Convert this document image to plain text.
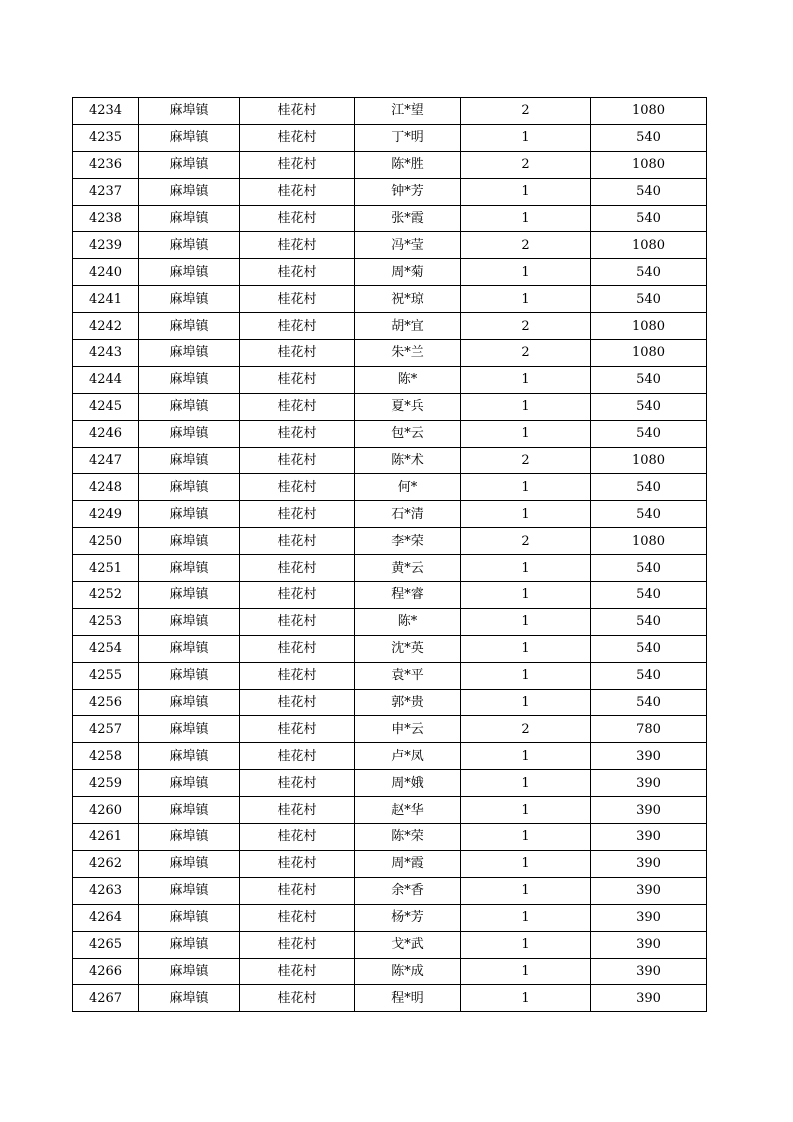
4234	麻埠镇	桂花村	江*望	2	1080
4235	麻埠镇	桂花村	丁*明	1	540
4236	麻埠镇	桂花村	陈*胜	2	1080
4237	麻埠镇	桂花村	钟*芳	1	540
4238	麻埠镇	桂花村	张*霞	1	540
4239	麻埠镇	桂花村	冯*莹	2	1080
4240	麻埠镇	桂花村	周*菊	1	540
4241	麻埠镇	桂花村	祝*琼	1	540
4242	麻埠镇	桂花村	胡*宜	2	1080
4243	麻埠镇	桂花村	朱*兰	2	1080
4244	麻埠镇	桂花村	陈*	1	540
4245	麻埠镇	桂花村	夏*兵	1	540
4246	麻埠镇	桂花村	包*云	1	540
4247	麻埠镇	桂花村	陈*术	2	1080
4248	麻埠镇	桂花村	何*	1	540
4249	麻埠镇	桂花村	石*清	1	540
4250	麻埠镇	桂花村	李*荣	2	1080
4251	麻埠镇	桂花村	黄*云	1	540
4252	麻埠镇	桂花村	程*睿	1	540
4253	麻埠镇	桂花村	陈*	1	540
4254	麻埠镇	桂花村	沈*英	1	540
4255	麻埠镇	桂花村	袁*平	1	540
4256	麻埠镇	桂花村	郭*贵	1	540
4257	麻埠镇	桂花村	申*云	2	780
4258	麻埠镇	桂花村	卢*凤	1	390
4259	麻埠镇	桂花村	周*娥	1	390
4260	麻埠镇	桂花村	赵*华	1	390
4261	麻埠镇	桂花村	陈*荣	1	390
4262	麻埠镇	桂花村	周*霞	1	390
4263	麻埠镇	桂花村	余*香	1	390
4264	麻埠镇	桂花村	杨*芳	1	390
4265	麻埠镇	桂花村	戈*武	1	390
4266	麻埠镇	桂花村	陈*成	1	390
4267	麻埠镇	桂花村	程*明	1	390
